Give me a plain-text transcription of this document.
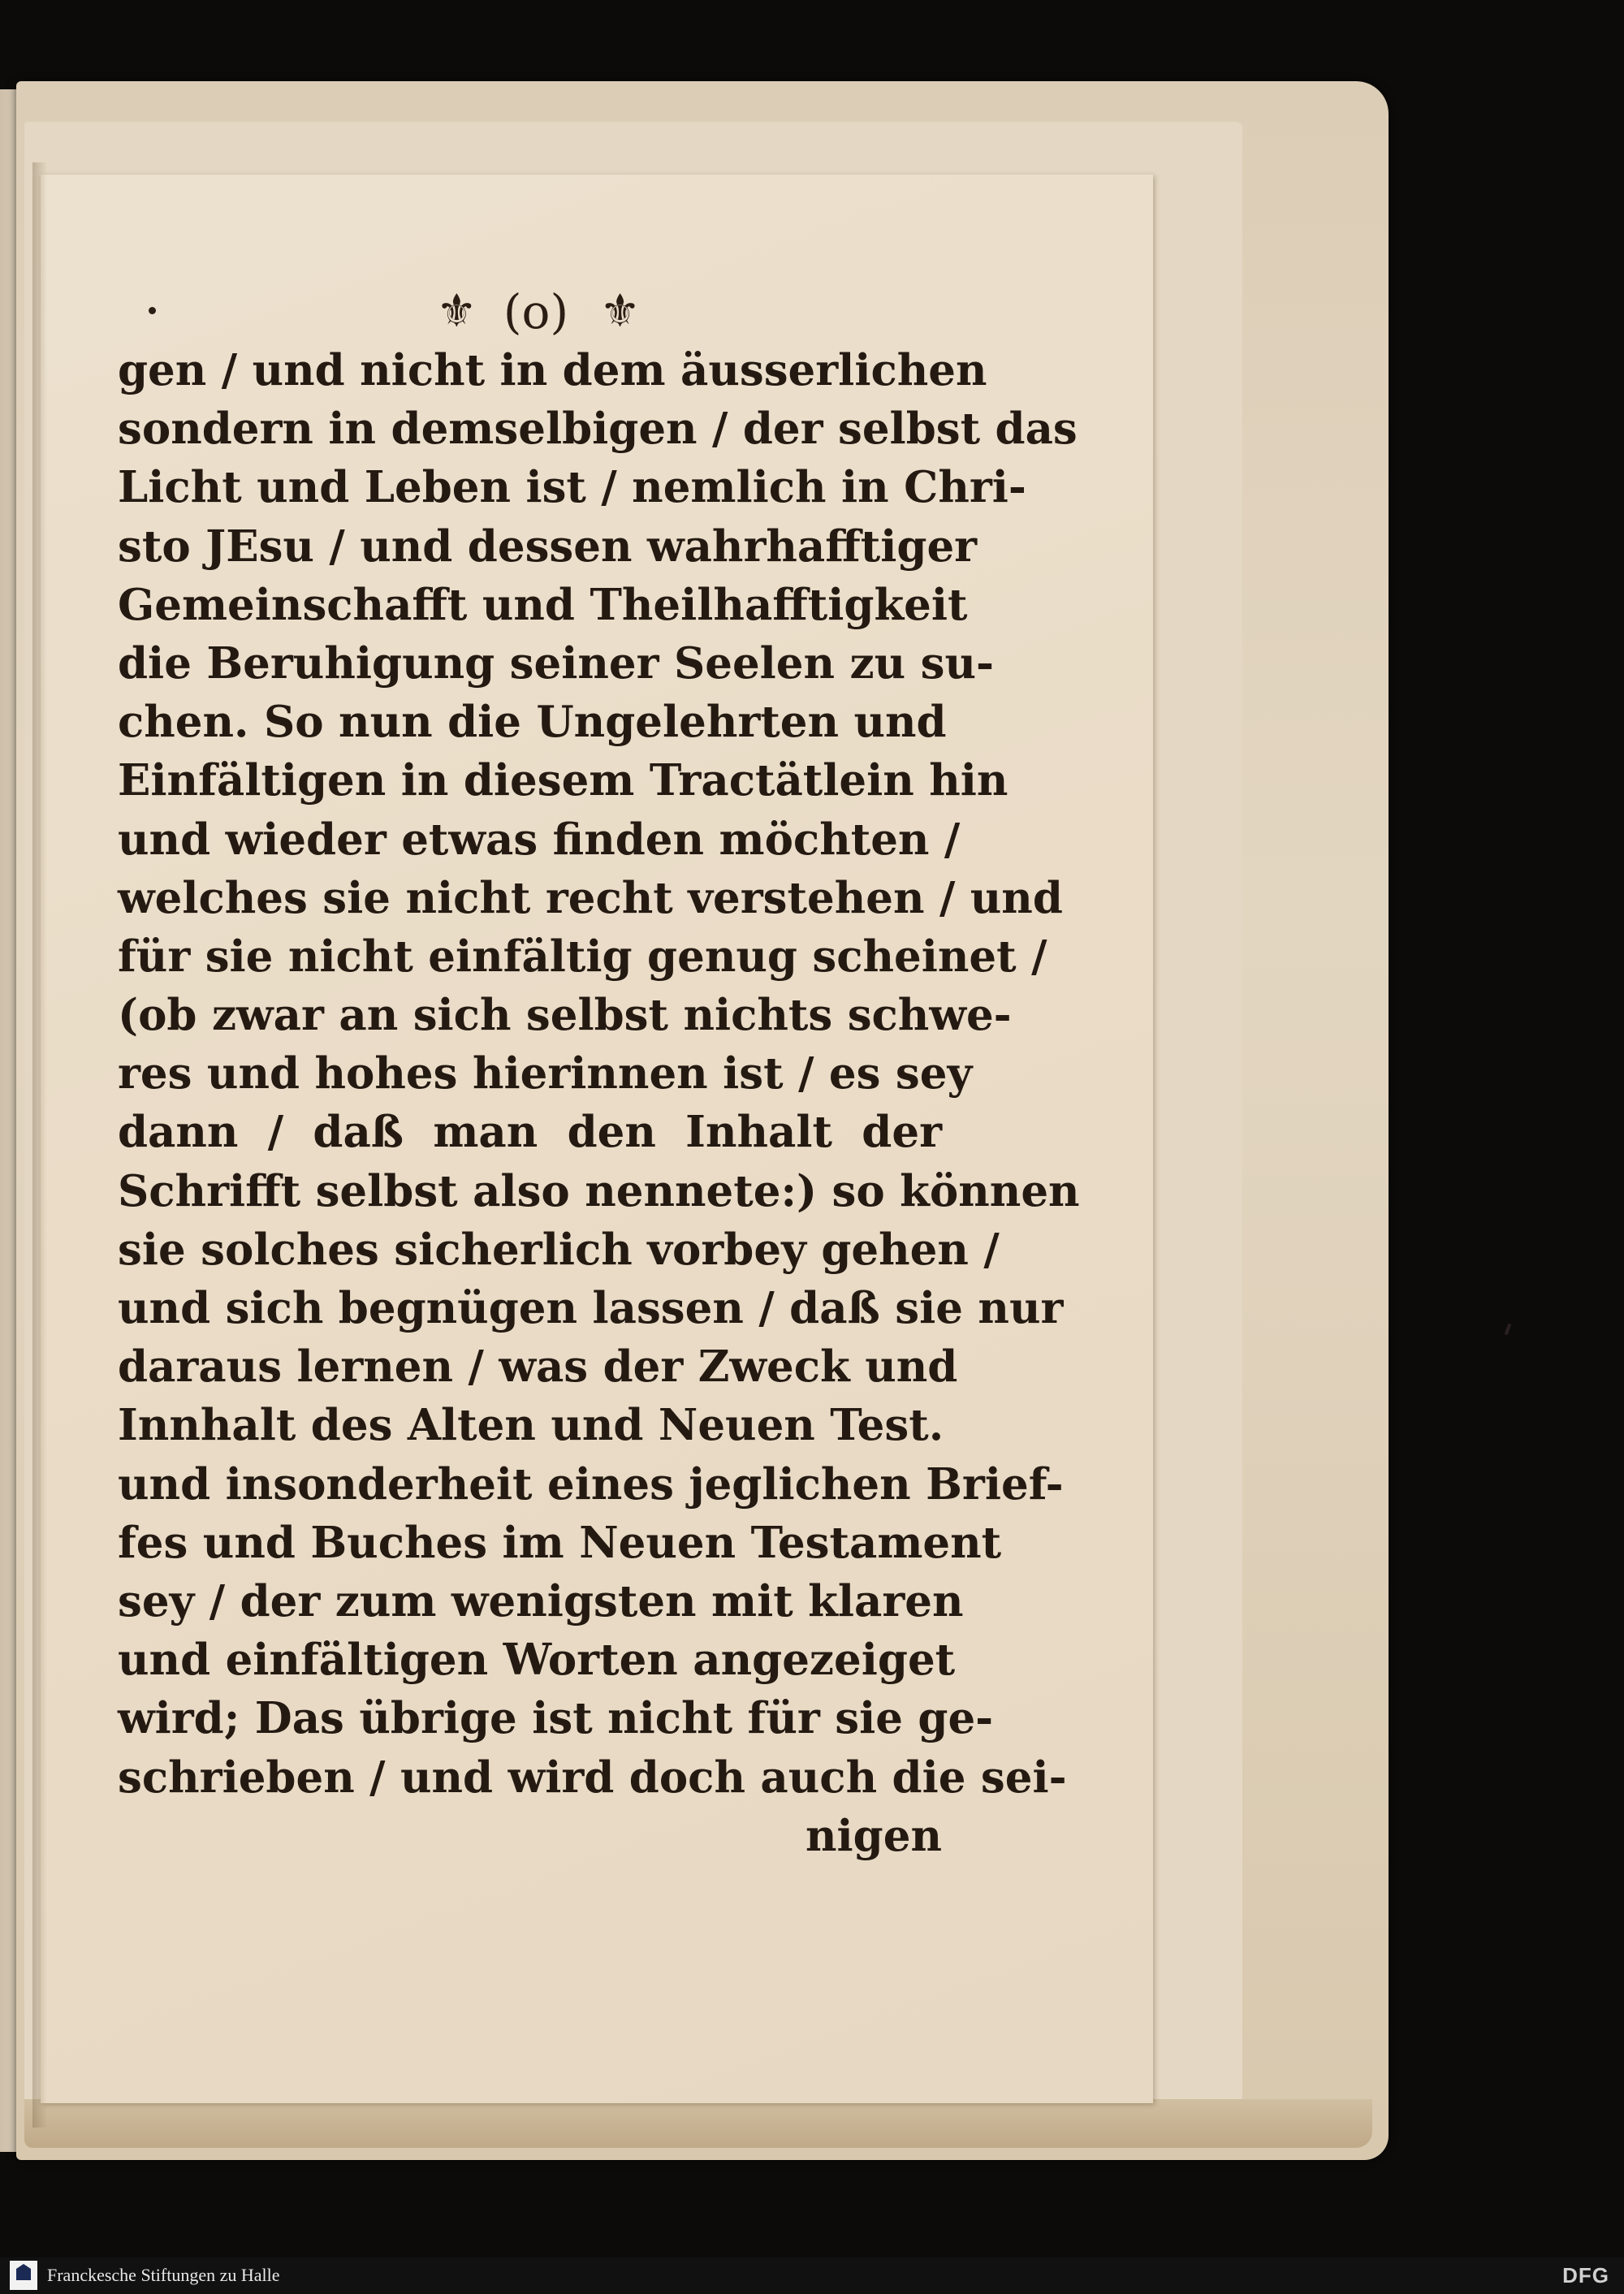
⚜ (o) ⚜
gen / und nicht in dem äusserlichen
sondern in demselbigen / der selbst das
Licht und Leben ist / nemlich in Chri-
sto JEsu / und dessen wahrhafftiger
Gemeinschafft und Theilhafftigkeit
die Beruhigung seiner Seelen zu su-
chen. So nun die Ungelehrten und
Einfältigen in diesem Tractätlein hin
und wieder etwas finden möchten /
welches sie nicht recht verstehen / und
für sie nicht einfältig genug scheinet /
(ob zwar an sich selbst nichts schwe-
res und hohes hierinnen ist / es sey
dann / daß man den Inhalt der
Schrifft selbst also nennete:) so können
sie solches sicherlich vorbey gehen /
und sich begnügen lassen / daß sie nur
daraus lernen / was der Zweck und
Innhalt des Alten und Neuen Test.
und insonderheit eines jeglichen Brief-
fes und Buches im Neuen Testament
sey / der zum wenigsten mit klaren
und einfältigen Worten angezeiget
wird; Das übrige ist nicht für sie ge-
schrieben / und wird doch auch die sei-
nigen
Franckesche Stiftungen zu Halle	DFG
